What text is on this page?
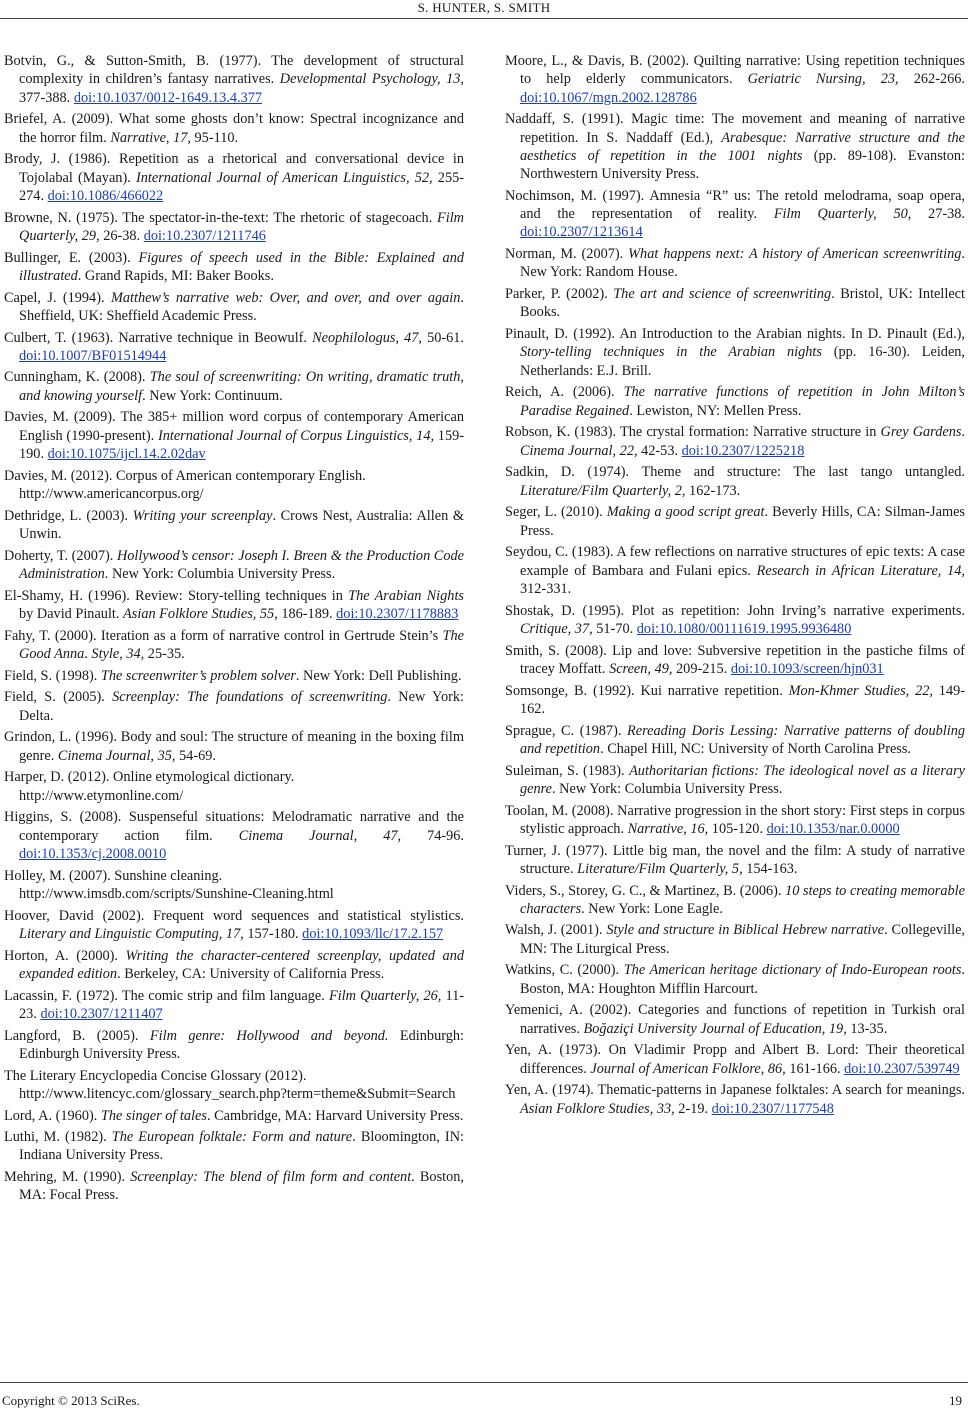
S. HUNTER, S. SMITH
Botvin, G., & Sutton-Smith, B. (1977). The development of structural complexity in children’s fantasy narratives. Developmental Psychology, 13, 377-388. doi:10.1037/0012-1649.13.4.377
Briefel, A. (2009). What some ghosts don’t know: Spectral incognizance and the horror film. Narrative, 17, 95-110.
Brody, J. (1986). Repetition as a rhetorical and conversational device in Tojolabal (Mayan). International Journal of American Linguistics, 52, 255-274. doi:10.1086/466022
Browne, N. (1975). The spectator-in-the-text: The rhetoric of stagecoach. Film Quarterly, 29, 26-38. doi:10.2307/1211746
Bullinger, E. (2003). Figures of speech used in the Bible: Explained and illustrated. Grand Rapids, MI: Baker Books.
Capel, J. (1994). Matthew’s narrative web: Over, and over, and over again. Sheffield, UK: Sheffield Academic Press.
Culbert, T. (1963). Narrative technique in Beowulf. Neophilologus, 47, 50-61. doi:10.1007/BF01514944
Cunningham, K. (2008). The soul of screenwriting: On writing, dramatic truth, and knowing yourself. New York: Continuum.
Davies, M. (2009). The 385+ million word corpus of contemporary American English (1990-present). International Journal of Corpus Linguistics, 14, 159-190. doi:10.1075/ijcl.14.2.02dav
Davies, M. (2012). Corpus of American contemporary English.
http://www.americancorpus.org/
Dethridge, L. (2003). Writing your screenplay. Crows Nest, Australia: Allen & Unwin.
Doherty, T. (2007). Hollywood’s censor: Joseph I. Breen & the Production Code Administration. New York: Columbia University Press.
El-Shamy, H. (1996). Review: Story-telling techniques in The Arabian Nights by David Pinault. Asian Folklore Studies, 55, 186-189. doi:10.2307/1178883
Fahy, T. (2000). Iteration as a form of narrative control in Gertrude Stein’s The Good Anna. Style, 34, 25-35.
Field, S. (1998). The screenwriter’s problem solver. New York: Dell Publishing.
Field, S. (2005). Screenplay: The foundations of screenwriting. New York: Delta.
Grindon, L. (1996). Body and soul: The structure of meaning in the boxing film genre. Cinema Journal, 35, 54-69.
Harper, D. (2012). Online etymological dictionary.
http://www.etymonline.com/
Higgins, S. (2008). Suspenseful situations: Melodramatic narrative and the contemporary action film. Cinema Journal, 47, 74-96. doi:10.1353/cj.2008.0010
Holley, M. (2007). Sunshine cleaning.
http://www.imsdb.com/scripts/Sunshine-Cleaning.html
Hoover, David (2002). Frequent word sequences and statistical stylistics. Literary and Linguistic Computing, 17, 157-180. doi:10.1093/llc/17.2.157
Horton, A. (2000). Writing the character-centered screenplay, updated and expanded edition. Berkeley, CA: University of California Press.
Lacassin, F. (1972). The comic strip and film language. Film Quarterly, 26, 11-23. doi:10.2307/1211407
Langford, B. (2005). Film genre: Hollywood and beyond. Edinburgh: Edinburgh University Press.
The Literary Encyclopedia Concise Glossary (2012).
http://www.litencyc.com/glossary_search.php?term=theme&Submit=Search
Lord, A. (1960). The singer of tales. Cambridge, MA: Harvard University Press.
Luthi, M. (1982). The European folktale: Form and nature. Bloomington, IN: Indiana University Press.
Mehring, M. (1990). Screenplay: The blend of film form and content. Boston, MA: Focal Press.
Moore, L., & Davis, B. (2002). Quilting narrative: Using repetition techniques to help elderly communicators. Geriatric Nursing, 23, 262-266. doi:10.1067/mgn.2002.128786
Naddaff, S. (1991). Magic time: The movement and meaning of narrative repetition. In S. Naddaff (Ed.), Arabesque: Narrative structure and the aesthetics of repetition in the 1001 nights (pp. 89-108). Evanston: Northwestern University Press.
Nochimson, M. (1997). Amnesia “R” us: The retold melodrama, soap opera, and the representation of reality. Film Quarterly, 50, 27-38. doi:10.2307/1213614
Norman, M. (2007). What happens next: A history of American screenwriting. New York: Random House.
Parker, P. (2002). The art and science of screenwriting. Bristol, UK: Intellect Books.
Pinault, D. (1992). An Introduction to the Arabian nights. In D. Pinault (Ed.), Story-telling techniques in the Arabian nights (pp. 16-30). Leiden, Netherlands: E.J. Brill.
Reich, A. (2006). The narrative functions of repetition in John Milton’s Paradise Regained. Lewiston, NY: Mellen Press.
Robson, K. (1983). The crystal formation: Narrative structure in Grey Gardens. Cinema Journal, 22, 42-53. doi:10.2307/1225218
Sadkin, D. (1974). Theme and structure: The last tango untangled. Literature/Film Quarterly, 2, 162-173.
Seger, L. (2010). Making a good script great. Beverly Hills, CA: Silman-James Press.
Seydou, C. (1983). A few reflections on narrative structures of epic texts: A case example of Bambara and Fulani epics. Research in African Literature, 14, 312-331.
Shostak, D. (1995). Plot as repetition: John Irving’s narrative experiments. Critique, 37, 51-70. doi:10.1080/00111619.1995.9936480
Smith, S. (2008). Lip and love: Subversive repetition in the pastiche films of tracey Moffatt. Screen, 49, 209-215. doi:10.1093/screen/hjn031
Somsonge, B. (1992). Kui narrative repetition. Mon-Khmer Studies, 22, 149-162.
Sprague, C. (1987). Rereading Doris Lessing: Narrative patterns of doubling and repetition. Chapel Hill, NC: University of North Carolina Press.
Suleiman, S. (1983). Authoritarian fictions: The ideological novel as a literary genre. New York: Columbia University Press.
Toolan, M. (2008). Narrative progression in the short story: First steps in corpus stylistic approach. Narrative, 16, 105-120. doi:10.1353/nar.0.0000
Turner, J. (1977). Little big man, the novel and the film: A study of narrative structure. Literature/Film Quarterly, 5, 154-163.
Viders, S., Storey, G. C., & Martinez, B. (2006). 10 steps to creating memorable characters. New York: Lone Eagle.
Walsh, J. (2001). Style and structure in Biblical Hebrew narrative. Collegeville, MN: The Liturgical Press.
Watkins, C. (2000). The American heritage dictionary of Indo-European roots. Boston, MA: Houghton Mifflin Harcourt.
Yemenici, A. (2002). Categories and functions of repetition in Turkish oral narratives. Boğaziçi University Journal of Education, 19, 13-35.
Yen, A. (1973). On Vladimir Propp and Albert B. Lord: Their theoretical differences. Journal of American Folklore, 86, 161-166. doi:10.2307/539749
Yen, A. (1974). Thematic-patterns in Japanese folktales: A search for meanings. Asian Folklore Studies, 33, 2-19. doi:10.2307/1177548
Copyright © 2013 SciRes.	19
